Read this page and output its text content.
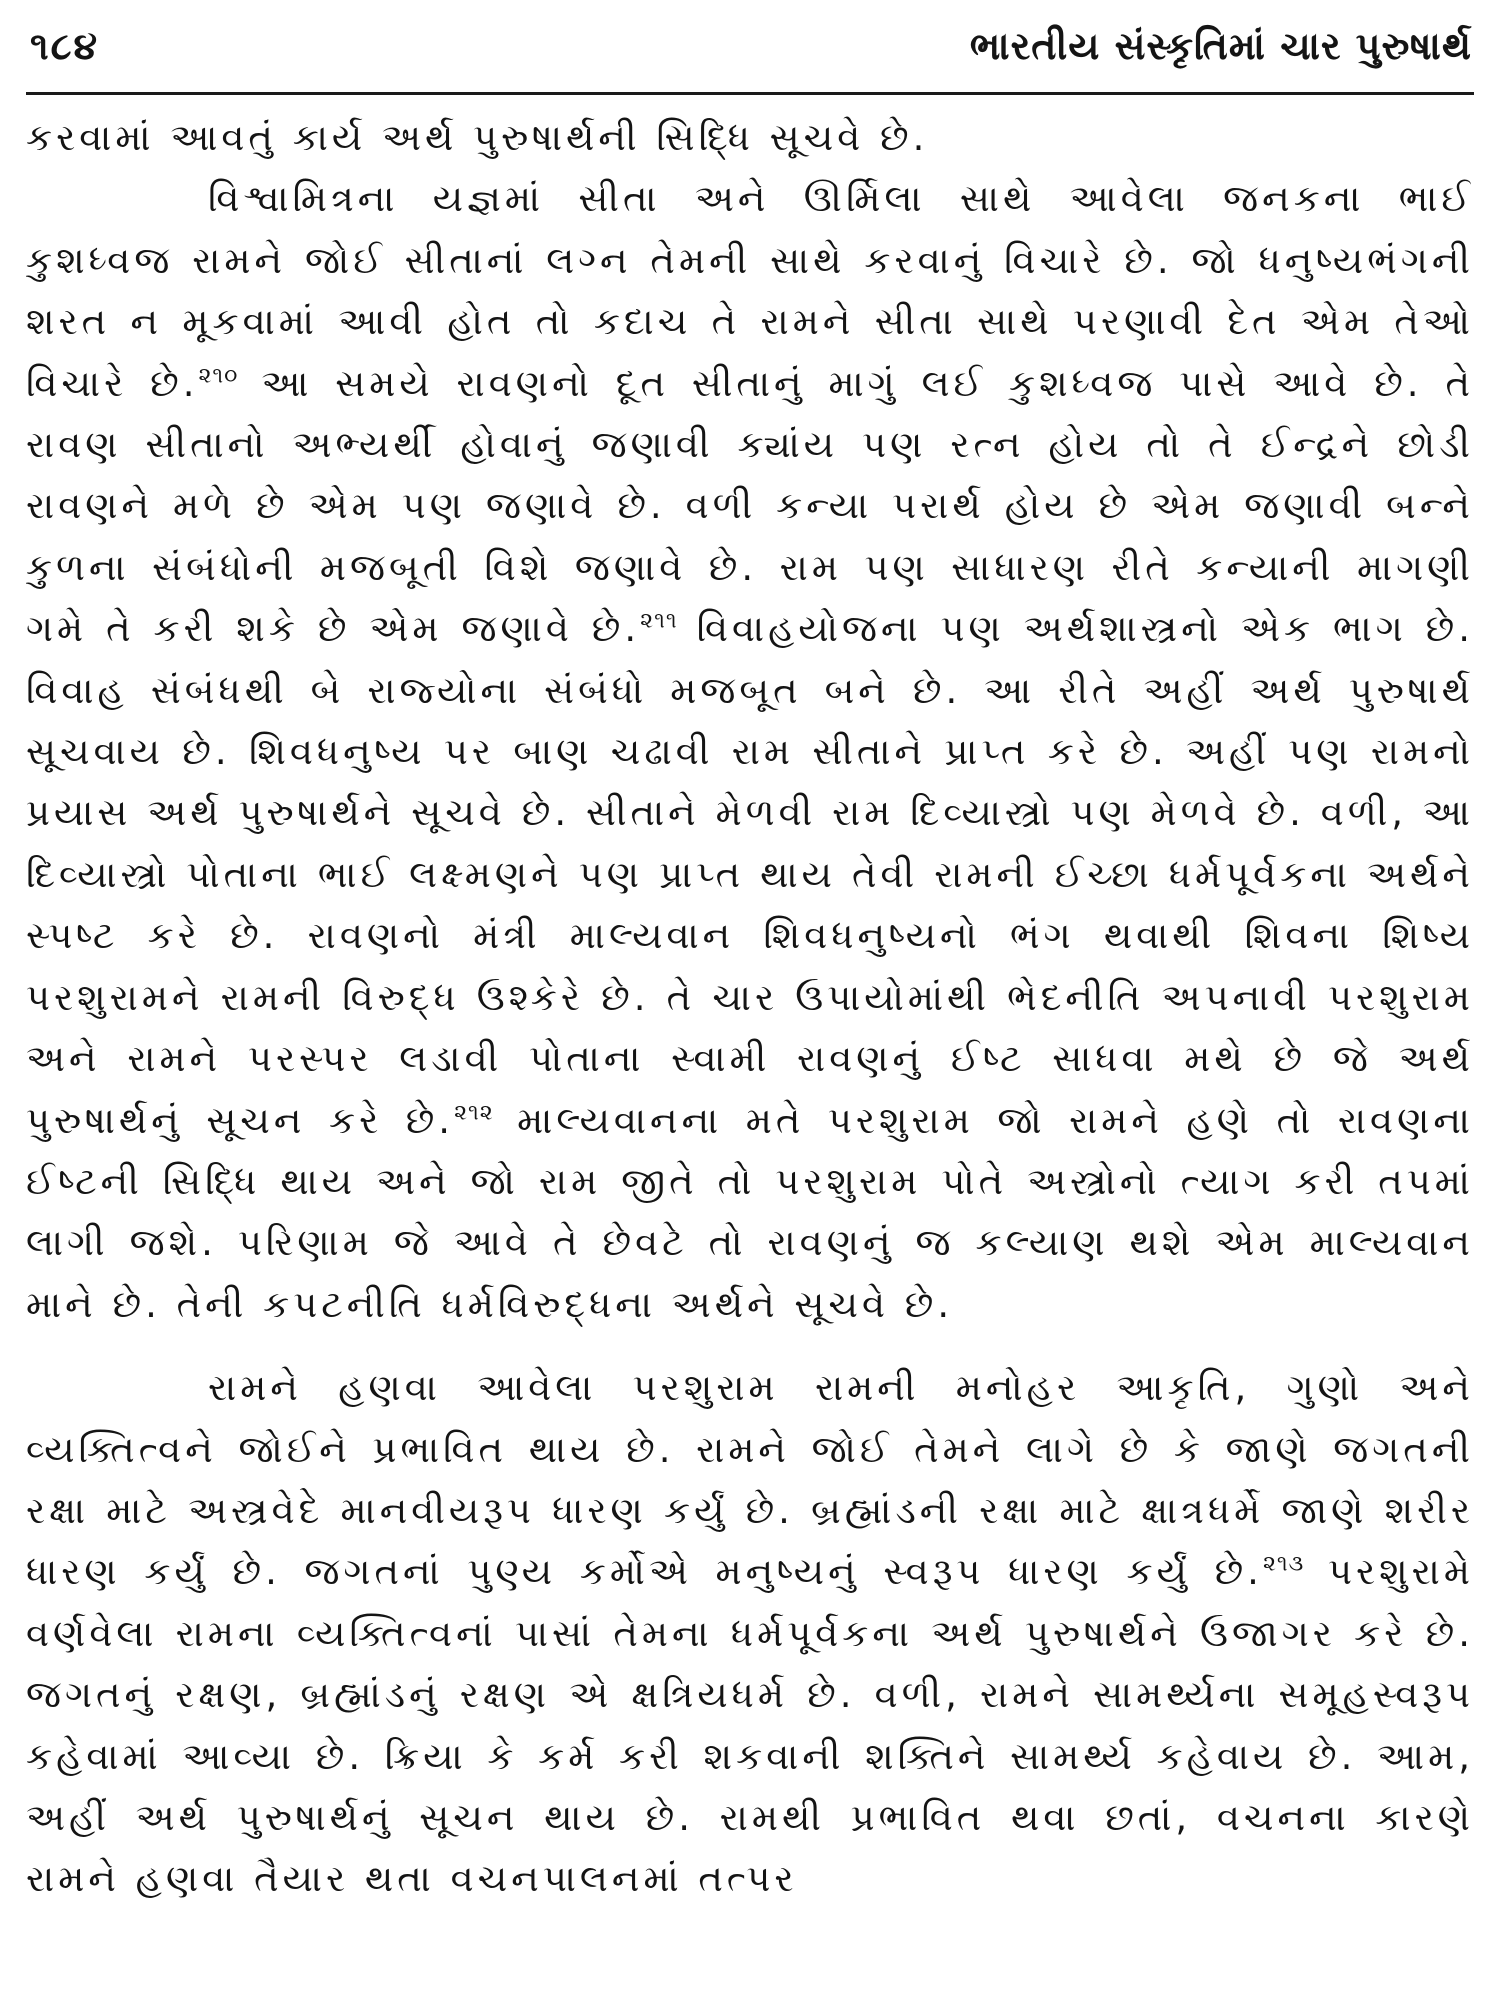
૧૮૪	ભારતીય સંસ્કૃતિમાં ચાર પુરુષાર્થ

કરવામાં આવતું કાર્ય અર્થ પુરુષાર્થની સિદ્ધિ સૂચવે છે.

વિશ્વામિત્રના યજ્ઞમાં સીતા અને ઊર્મિલા સાથે આવેલા જનકના ભાઈ કુશધ્વજ રામને જોઈ સીતાનાં લગ્ન તેમની સાથે કરવાનું વિચારે છે. જો ધનુષ્યભંગની શરત ન મૂકવામાં આવી હોત તો કદાચ તે રામને સીતા સાથે પરણાવી દેત એમ તેઓ વિચારે છે.$^{૨૧૦}$ આ સમયે રાવણનો દૂત સીતાનું માગું લઈ કુશધ્વજ પાસે આવે છે. તે રાવણ સીતાનો અભ્યર્થી હોવાનું જણાવી ક્યાંય પણ રત્ન હોય તો તે ઈન્દ્રને છોડી રાવણને મળે છે એમ પણ જણાવે છે. વળી કન્યા પરાર્થ હોય છે એમ જણાવી બન્ને કુળના સંબંધોની મજબૂતી વિશે જણાવે છે. રામ પણ સાધારણ રીતે કન્યાની માગણી ગમે તે કરી શકે છે એમ જણાવે છે.$^{૨૧૧}$ વિવાહયોજના પણ અર્થશાસ્ત્રનો એક ભાગ છે. વિવાહ સંબંધથી બે રાજ્યોના સંબંધો મજબૂત બને છે. આ રીતે અહીં અર્થ પુરુષાર્થ સૂચવાય છે. શિવધનુષ્ય પર બાણ ચઢાવી રામ સીતાને પ્રાપ્ત કરે છે. અહીં પણ રામનો પ્રયાસ અર્થ પુરુષાર્થને સૂચવે છે. સીતાને મેળવી રામ દિવ્યાસ્ત્રો પણ મેળવે છે. વળી, આ દિવ્યાસ્ત્રો પોતાના ભાઈ લક્ષ્મણને પણ પ્રાપ્ત થાય તેવી રામની ઈચ્છા ધર્મપૂર્વકના અર્થને સ્પષ્ટ કરે છે. રાવણનો મંત્રી માલ્યવાન શિવધનુષ્યનો ભંગ થવાથી શિવના શિષ્ય પરશુરામને રામની વિરુદ્ધ ઉશ્કેરે છે. તે ચાર ઉપાયોમાંથી ભેદનીતિ અપનાવી પરશુરામ અને રામને પરસ્પર લડાવી પોતાના સ્વામી રાવણનું ઈષ્ટ સાધવા મથે છે જે અર્થ પુરુષાર્થનું સૂચન કરે છે.$^{૨૧૨}$ માલ્યવાનના મતે પરશુરામ જો રામને હણે તો રાવણના ઈષ્ટની સિદ્ધિ થાય અને જો રામ જીતે તો પરશુરામ પોતે અસ્ત્રોનો ત્યાગ કરી તપમાં લાગી જશે. પરિણામ જે આવે તે છેવટે તો રાવણનું જ કલ્યાણ થશે એમ માલ્યવાન માને છે. તેની કપટનીતિ ધર્મવિરુદ્ધના અર્થને સૂચવે છે.

રામને હણવા આવેલા પરશુરામ રામની મનોહર આકૃતિ, ગુણો અને વ્યક્તિત્વને જોઈને પ્રભાવિત થાય છે. રામને જોઈ તેમને લાગે છે કે જાણે જગતની રક્ષા માટે અસ્ત્રવેદે માનવીયરૂપ ધારણ કર્યું છે. બ્રહ્માંડની રક્ષા માટે ક્ષાત્રધર્મે જાણે શરીર ધારણ કર્યું છે. જગતનાં પુણ્ય કર્મોએ મનુષ્યનું સ્વરૂપ ધારણ કર્યું છે.$^{૨૧૩}$ પરશુરામે વર્ણવેલા રામના વ્યક્તિત્વનાં પાસાં તેમના ધર્મપૂર્વકના અર્થ પુરુષાર્થને ઉજાગર કરે છે. જગતનું રક્ષણ, બ્રહ્માંડનું રક્ષણ એ ક્ષત્રિયધર્મ છે. વળી, રામને સામર્થ્યના સમૂહસ્વરૂપ કહેવામાં આવ્યા છે. ક્રિયા કે કર્મ કરી શકવાની શક્તિને સામર્થ્ય કહેવાય છે. આમ, અહીં અર્થ પુરુષાર્થનું સૂચન થાય છે. રામથી પ્રભાવિત થવા છતાં, વચનના કારણે રામને હણવા તૈયાર થતા વચનપાલનમાં તત્પર
